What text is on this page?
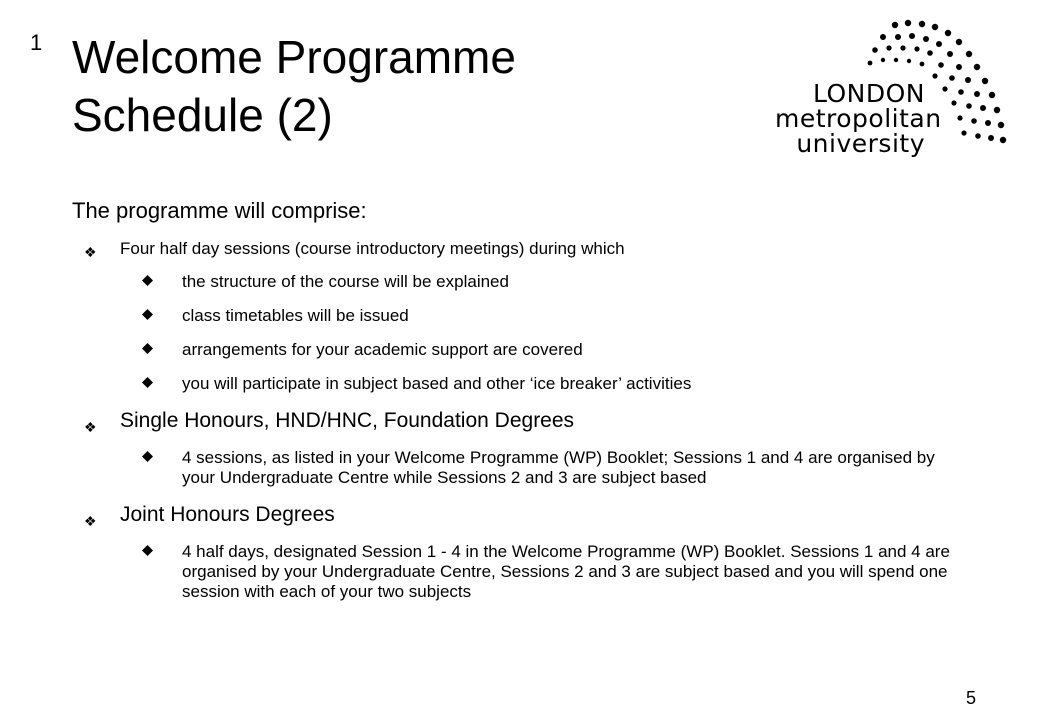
1 Welcome Programme
Schedule (2)	LONDON
metropolitan
university

The programme will comprise:

❖ Four half day sessions (course introductory meetings) during which
the structure of the course will be explained
class timetables will be issued
arrangements for your academic support are covered
you will participate in subject based and other ‘ice breaker’ activities
❖ Single Honours, HND/HNC, Foundation Degrees
4 sessions, as listed in your Welcome Programme (WP) Booklet; Sessions 1 and 4 are organised by your Undergraduate Centre while Sessions 2 and 3 are subject based
❖ Joint Honours Degrees
4 half days, designated Session 1 - 4 in the Welcome Programme (WP) Booklet. Sessions 1 and 4 are organised by your Undergraduate Centre, Sessions 2 and 3 are subject based and you will spend one session with each of your two subjects
5
